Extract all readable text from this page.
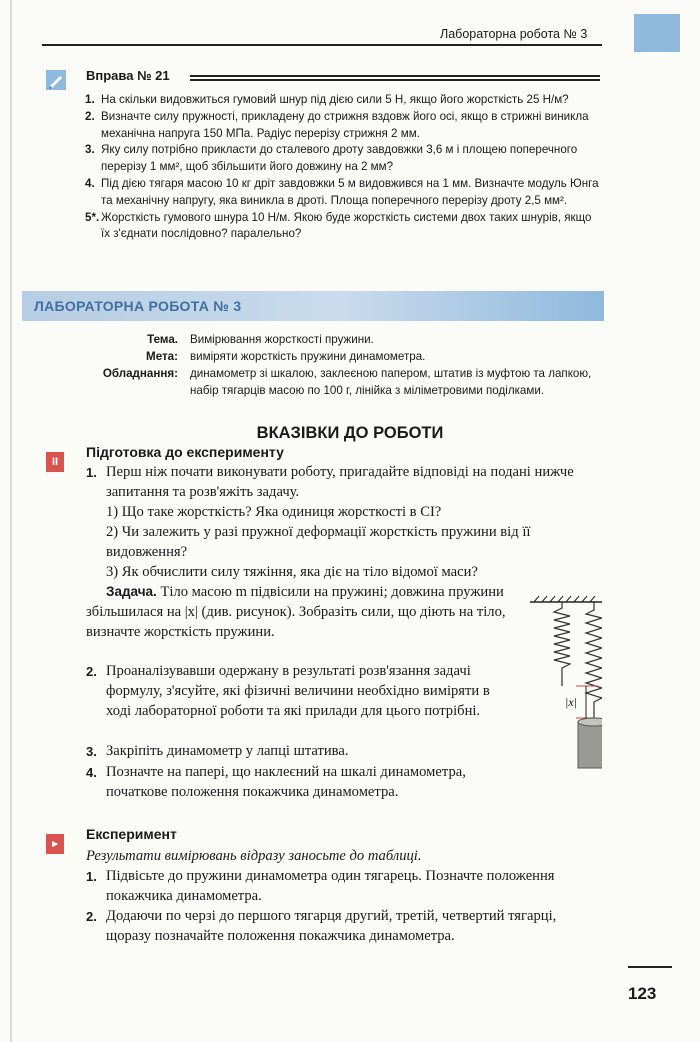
Лабораторна робота № 3
Вправа № 21
1. На скільки видовжиться гумовий шнур під дією сили 5 Н, якщо його жорсткість 25 Н/м?
2. Визначте силу пружності, прикладену до стрижня вздовж його осі, якщо в стрижні виникла механічна напруга 150 МПа. Радіус перерізу стрижня 2 мм.
3. Яку силу потрібно прикласти до сталевого дроту завдовжки 3,6 м і площею поперечного перерізу 1 мм², щоб збільшити його довжину на 2 мм?
4. Під дією тягаря масою 10 кг дріт завдовжки 5 м видовжився на 1 мм. Визначте модуль Юнга та механічну напругу, яка виникла в дроті. Площа поперечного перерізу дроту 2,5 мм².
5*. Жорсткість гумового шнура 10 Н/м. Якою буде жорсткість системи двох таких шнурів, якщо їх з'єднати послідовно? паралельно?
ЛАБОРАТОРНА РОБОТА № 3
Тема. Вимірювання жорсткості пружини.
Мета: виміряти жорсткість пружини динамометра.
Обладнання: динамометр зі шкалою, заклеєною папером, штатив із муфтою та лапкою, набір тягарців масою по 100 г, лінійка з міліметровими поділками.
ВКАЗІВКИ ДО РОБОТИ
II
Підготовка до експерименту
1. Перш ніж почати виконувати роботу, пригадайте відповіді на подані нижче запитання та розв'яжіть задачу.
1) Що таке жорсткість? Яка одиниця жорсткості в СІ?
2) Чи залежить у разі пружної деформації жорсткість пружини від її видовження?
3) Як обчислити силу тяжіння, яка діє на тіло відомої маси?
Задача. Тіло масою m підвісили на пружині; довжина пружини збільшилася на |x| (див. рисунок). Зобразіть сили, що діють на тіло, визначте жорсткість пружини.
2. Проаналізувавши одержану в результаті розв'язання задачі формулу, з'ясуйте, які фізичні величини необхідно виміряти в ході лабораторної роботи та які прилади для цього потрібні.
3. Закріпіть динамометр у лапці штатива.
4. Позначте на папері, що наклеєний на шкалі динамометра, початкове положення покажчика динамометра.
|x|
▸
Експеримент
Результати вимірювань відразу заносьте до таблиці.
1. Підвісьте до пружини динамометра один тягарець. Позначте положення покажчика динамометра.
2. Додаючи по черзі до першого тягарця другий, третій, четвертий тягарці, щоразу позначайте положення покажчика динамометра.
123
